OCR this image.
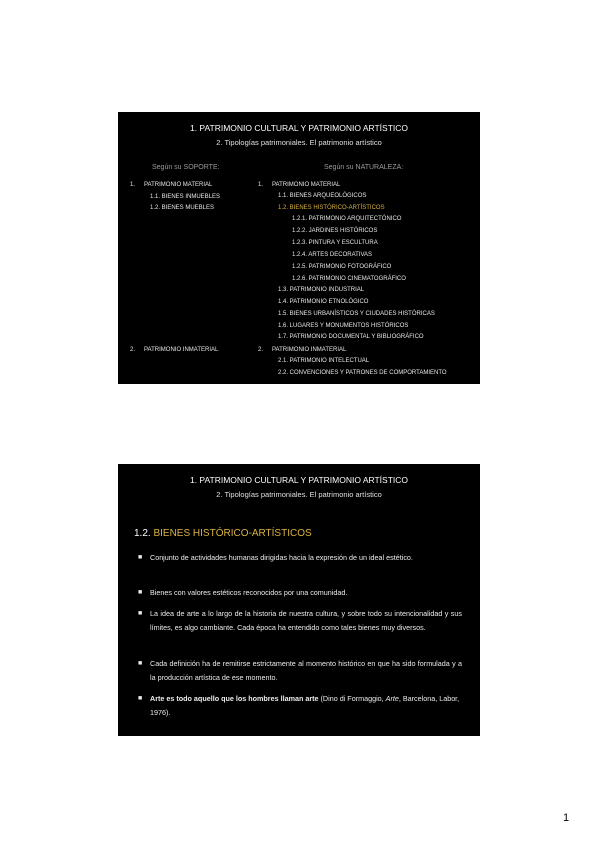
1. PATRIMONIO CULTURAL Y PATRIMONIO ARTÍSTICO
2. Tipologías patrimoniales. El patrimonio artístico
Según su SOPORTE:	Según su NATURALEZA:
1. PATRIMONIO MATERIAL
1.1. BIENES INMUEBLES
1.2. BIENES MUEBLES
2. PATRIMONIO INMATERIAL
1. PATRIMONIO MATERIAL
1.1. BIENES ARQUEOLÓGICOS
1.2. BIENES HISTÓRICO-ARTÍSTICOS
1.2.1. PATRIMONIO ARQUITECTÓNICO
1.2.2. JARDINES HISTÓRICOS
1.2.3. PINTURA Y ESCULTURA
1.2.4. ARTES DECORATIVAS
1.2.5. PATRIMONIO FOTOGRÁFICO
1.2.6. PATRIMONIO CINEMATOGRÁFICO
1.3. PATRIMONIO INDUSTRIAL
1.4. PATRIMONIO ETNOLÓGICO
1.5. BIENES URBANÍSTICOS Y CIUDADES HISTÓRICAS
1.6. LUGARES Y MONUMENTOS HISTÓRICOS
1.7. PATRIMONIO DOCUMENTAL Y BIBLIOGRÁFICO
2. PATRIMONIO INMATERIAL
2.1. PATRIMONIO INTELECTUAL
2.2. CONVENCIONES Y PATRONES DE COMPORTAMIENTO
1. PATRIMONIO CULTURAL Y PATRIMONIO ARTÍSTICO
2. Tipologías patrimoniales. El patrimonio artístico
1.2. BIENES HISTÓRICO-ARTÍSTICOS
■ Conjunto de actividades humanas dirigidas hacia la expresión de un ideal estético.
■ Bienes con valores estéticos reconocidos por una comunidad.
■ La idea de arte a lo largo de la historia de nuestra cultura, y sobre todo su intencionalidad y sus límites, es algo cambiante. Cada época ha entendido como tales bienes muy diversos.
■ Cada definición ha de remitirse estrictamente al momento histórico en que ha sido formulada y a la producción artística de ese momento.
■ Arte es todo aquello que los hombres llaman arte (Dino di Formaggio, Arte, Barcelona, Labor, 1976).
1
